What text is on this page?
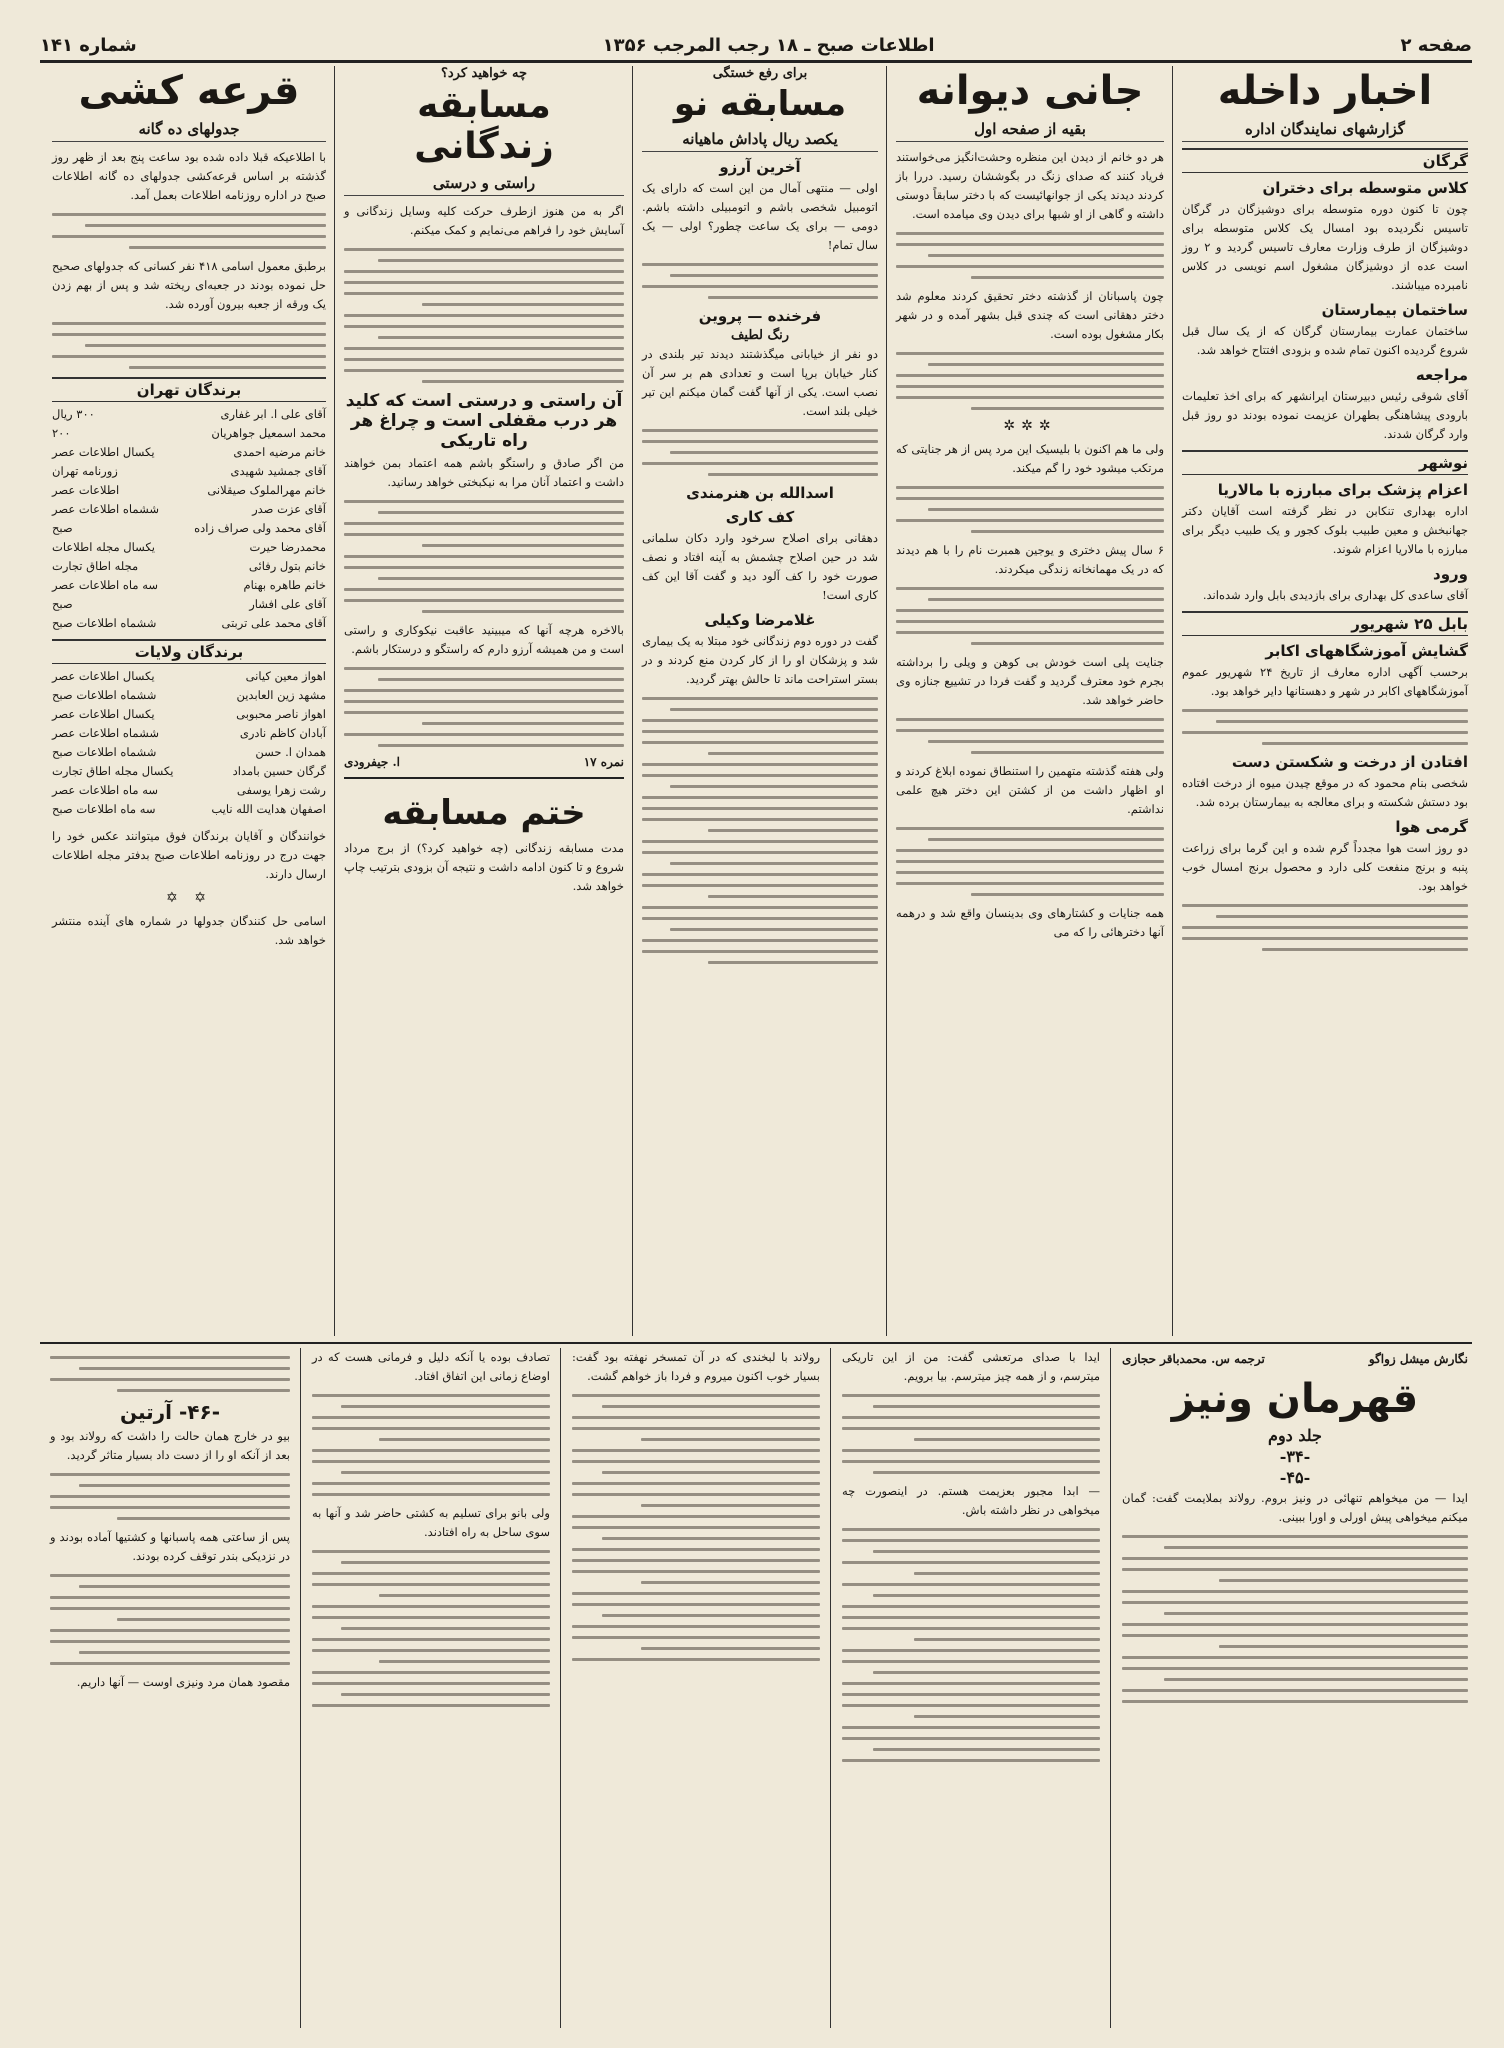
صفحه ۲
اطلاعات صبح ـ ۱۸ رجب المرجب ۱۳۵۶
شماره ۱۴۱
اخبار داخله
گزارشهای نمایندگان اداره
گرگان
کلاس متوسطه برای دختران

چون تا کنون دوره متوسطه برای دوشیزگان در گرگان تاسیس نگردیده بود امسال یک کلاس متوسطه برای دوشیزگان از طرف وزارت معارف تاسیس گردید و ۲ روز است عده از دوشیزگان مشغول اسم نویسی در کلاس نامبرده میباشند.

ساختمان بیمارستان

ساختمان عمارت بیمارستان گرگان که از یک سال قبل شروع گردیده اکنون تمام شده و بزودی افتتاح خواهد شد.

مراجعه

آقای شوقی رئیس دبیرستان ایرانشهر که برای اخذ تعلیمات بارودی پیشاهنگی بطهران عزیمت نموده بودند دو روز قبل وارد گرگان شدند.

نوشهر
اعزام پزشک برای مبارزه با مالاریا

اداره بهداری تنکابن در نظر گرفته است آقایان دکتر جهانبخش و معین طبیب بلوک کجور و یک طبیب دیگر برای مبارزه با مالاریا اعزام شوند.

ورود

آقای ساعدی کل بهداری برای بازدیدی بابل وارد شده‌اند.

بابل ۲۵ شهریور
گشایش آموزشگاههای اکابر

برحسب آگهی اداره معارف از تاریخ ۲۴ شهریور عموم آموزشگاههای اکابر در شهر و دهستانها دایر خواهد بود.

افتادن از درخت و شکستن دست

شخصی بنام محمود که در موقع چیدن میوه از درخت افتاده بود دستش شکسته و برای معالجه به بیمارستان برده شد.

گرمی هوا

دو روز است هوا مجدداً گرم شده و این گرما برای زراعت پنبه و برنج منفعت کلی دارد و محصول برنج امسال خوب خواهد بود.

جانی دیوانه
بقیه از صفحه اول

هر دو خانم از دیدن این منظره وحشت‌انگیز می‌خواستند فریاد کنند که صدای زنگ در بگوششان رسید. دررا باز کردند دیدند یکی از جوانهائیست که با دختر سابقاً دوستی داشته و گاهی از او شبها برای دیدن وی میامده است.

چون پاسبانان از گذشته دختر تحقیق کردند معلوم شد دختر دهقانی است که چندی قبل بشهر آمده و در شهر بکار مشغول بوده است.

✲✲✲

ولی ما هم اکنون با بلیسیک این مرد پس از هر جنایتی که مرتکب میشود خود را گم میکند.

۶ سال پیش دختری و یوجین همبرت نام را با هم دیدند که در یک مهمانخانه زندگی میکردند.

جنایت پلی است خودش بی کوهن و ویلی را برداشته بجرم خود معترف گردید و گفت فردا در تشییع جنازه وی حاضر خواهد شد.

ولی هفته گذشته متهمین را استنطاق نموده ابلاغ کردند و او اظهار داشت من از کشتن این دختر هیچ علمی نداشتم.

همه جنایات و کشتارهای وی بدینسان واقع شد و درهمه آنها دخترهائی را که می

برای رفع خستگی
مسابقه نو
یکصد ریال پاداش ماهیانه
آخرین آرزو

اولی — منتهی آمال من این است که دارای یک اتومبیل شخصی باشم و اتومبیلی داشته باشم. دومی — برای یک ساعت چطور؟ اولی — یک سال تمام!

فرخنده — پروین
رنگ لطیف

دو نفر از خیابانی میگذشتند دیدند تیر بلندی در کنار خیابان برپا است و تعدادی هم بر سر آن نصب است. یکی از آنها گفت گمان میکنم این تیر خیلی بلند است.

اسدالله بن هنرمندی
کف کاری

دهقانی برای اصلاح سرخود وارد دکان سلمانی شد در حین اصلاح چشمش به آینه افتاد و نصف صورت خود را کف آلود دید و گفت آقا این کف کاری است!

غلامرضا وکیلی

گفت در دوره دوم زندگانی خود مبتلا به یک بیماری شد و پزشکان او را از کار کردن منع کردند و در بستر استراحت ماند تا حالش بهتر گردید.

چه خواهید کرد؟
مسابقه زندگانی
راستی و درستی

اگر به من هنوز ازطرف حرکت کلیه وسایل زندگانی و آسایش خود را فراهم می‌نمایم و کمک میکنم.

آن راستی و درستی است که کلید هر درب مقفلی است و چراغ هر راه تاریکی

من اگر صادق و راستگو باشم همه اعتماد بمن خواهند داشت و اعتماد آنان مرا به نیکبختی خواهد رسانید.

بالاخره هرچه آنها که میبینید عاقبت نیکوکاری و راستی است و من همیشه آرزو دارم که راستگو و درستکار باشم.

نمره ۱۷
ا. جیفرودی
ختم مسابقه

مدت مسابقه زندگانی (چه خواهید کرد؟) از برج مرداد شروع و تا کنون ادامه داشت و نتیجه آن بزودی بترتیب چاپ خواهد شد.

قرعه کشی
جدولهای ده گانه

با اطلاعیکه قبلا داده شده بود ساعت پنج بعد از ظهر روز گذشته بر اساس قرعه‌کشی جدولهای ده گانه اطلاعات صبح در اداره روزنامه اطلاعات بعمل آمد.

برطبق معمول اسامی ۴۱۸ نفر کسانی که جدولهای صحیح حل نموده بودند در جعبه‌ای ریخته شد و پس از بهم زدن یک ورقه از جعبه بیرون آورده شد.

برندگان تهران
آقای علی ا. ابر غفاری
۳۰۰ ریال
محمد اسمعیل جواهریان
۲۰۰
خانم مرضیه احمدی
یکسال اطلاعات عصر
آقای جمشید شهیدی
زورنامه تهران
خانم مهرالملوک صیقلانی
اطلاعات عصر
آقای عزت صدر
ششماه اطلاعات عصر
آقای محمد ولی صراف زاده
صبح
محمدرضا حیرت
یکسال مجله اطلاعات
خانم بتول رفائی
مجله اطاق تجارت
خانم طاهره بهنام
سه ماه اطلاعات عصر
آقای علی افشار
صبح
آقای محمد علی تربتی
ششماه اطلاعات صبح
برندگان ولایات
اهواز معین کیانی
یکسال اطلاعات عصر
مشهد زین العابدین
ششماه اطلاعات صبح
اهواز ناصر محبوبی
یکسال اطلاعات عصر
آبادان کاظم نادری
ششماه اطلاعات عصر
همدان ا. حسن
ششماه اطلاعات صبح
گرگان حسین بامداد
یکسال مجله اطاق تجارت
رشت زهرا یوسفی
سه ماه اطلاعات عصر
اصفهان هدایت الله نایب
سه ماه اطلاعات صبح

خوانندگان و آقایان برندگان فوق میتوانند عکس خود را جهت درج در روزنامه اطلاعات صبح بدفتر مجله اطلاعات ارسال دارند.

✡ ✡

اسامی حل کنندگان جدولها در شماره های آینده منتشر خواهد شد.

نگارش میشل زواگو
ترجمه س. محمدباقر حجازی
قهرمان ونیز
جلد دوم
-۳۴-
-۴۵-

ایدا — من میخواهم تنهائی در ونیز بروم. رولاند بملایمت گفت: گمان میکنم میخواهی پیش اورلی و اورا ببینی.

ایدا با صدای مرتعشی گفت: من از این تاریکی میترسم، و از همه چیز میترسم. بیا برویم.

— ابدا مجبور بعزیمت هستم. در اینصورت چه میخواهی در نظر داشته باش.

رولاند با لبخندی که در آن تمسخر نهفته بود گفت: بسیار خوب اکنون میروم و فردا باز خواهم گشت.

تصادف بوده یا آنکه دلیل و فرمانی هست که در اوضاع زمانی این اتفاق افتاد.

ولی بانو برای تسلیم به کشتی حاضر شد و آنها به سوی ساحل به راه افتادند.

-۴۶- آرتین

بیو در خارج همان حالت را داشت که رولاند بود و بعد از آنکه او را از دست داد بسیار متاثر گردید.

پس از ساعتی همه پاسبانها و کشتیها آماده بودند و در نزدیکی بندر توقف کرده بودند.

مقصود همان مرد ونیزی اوست — آنها داریم.
